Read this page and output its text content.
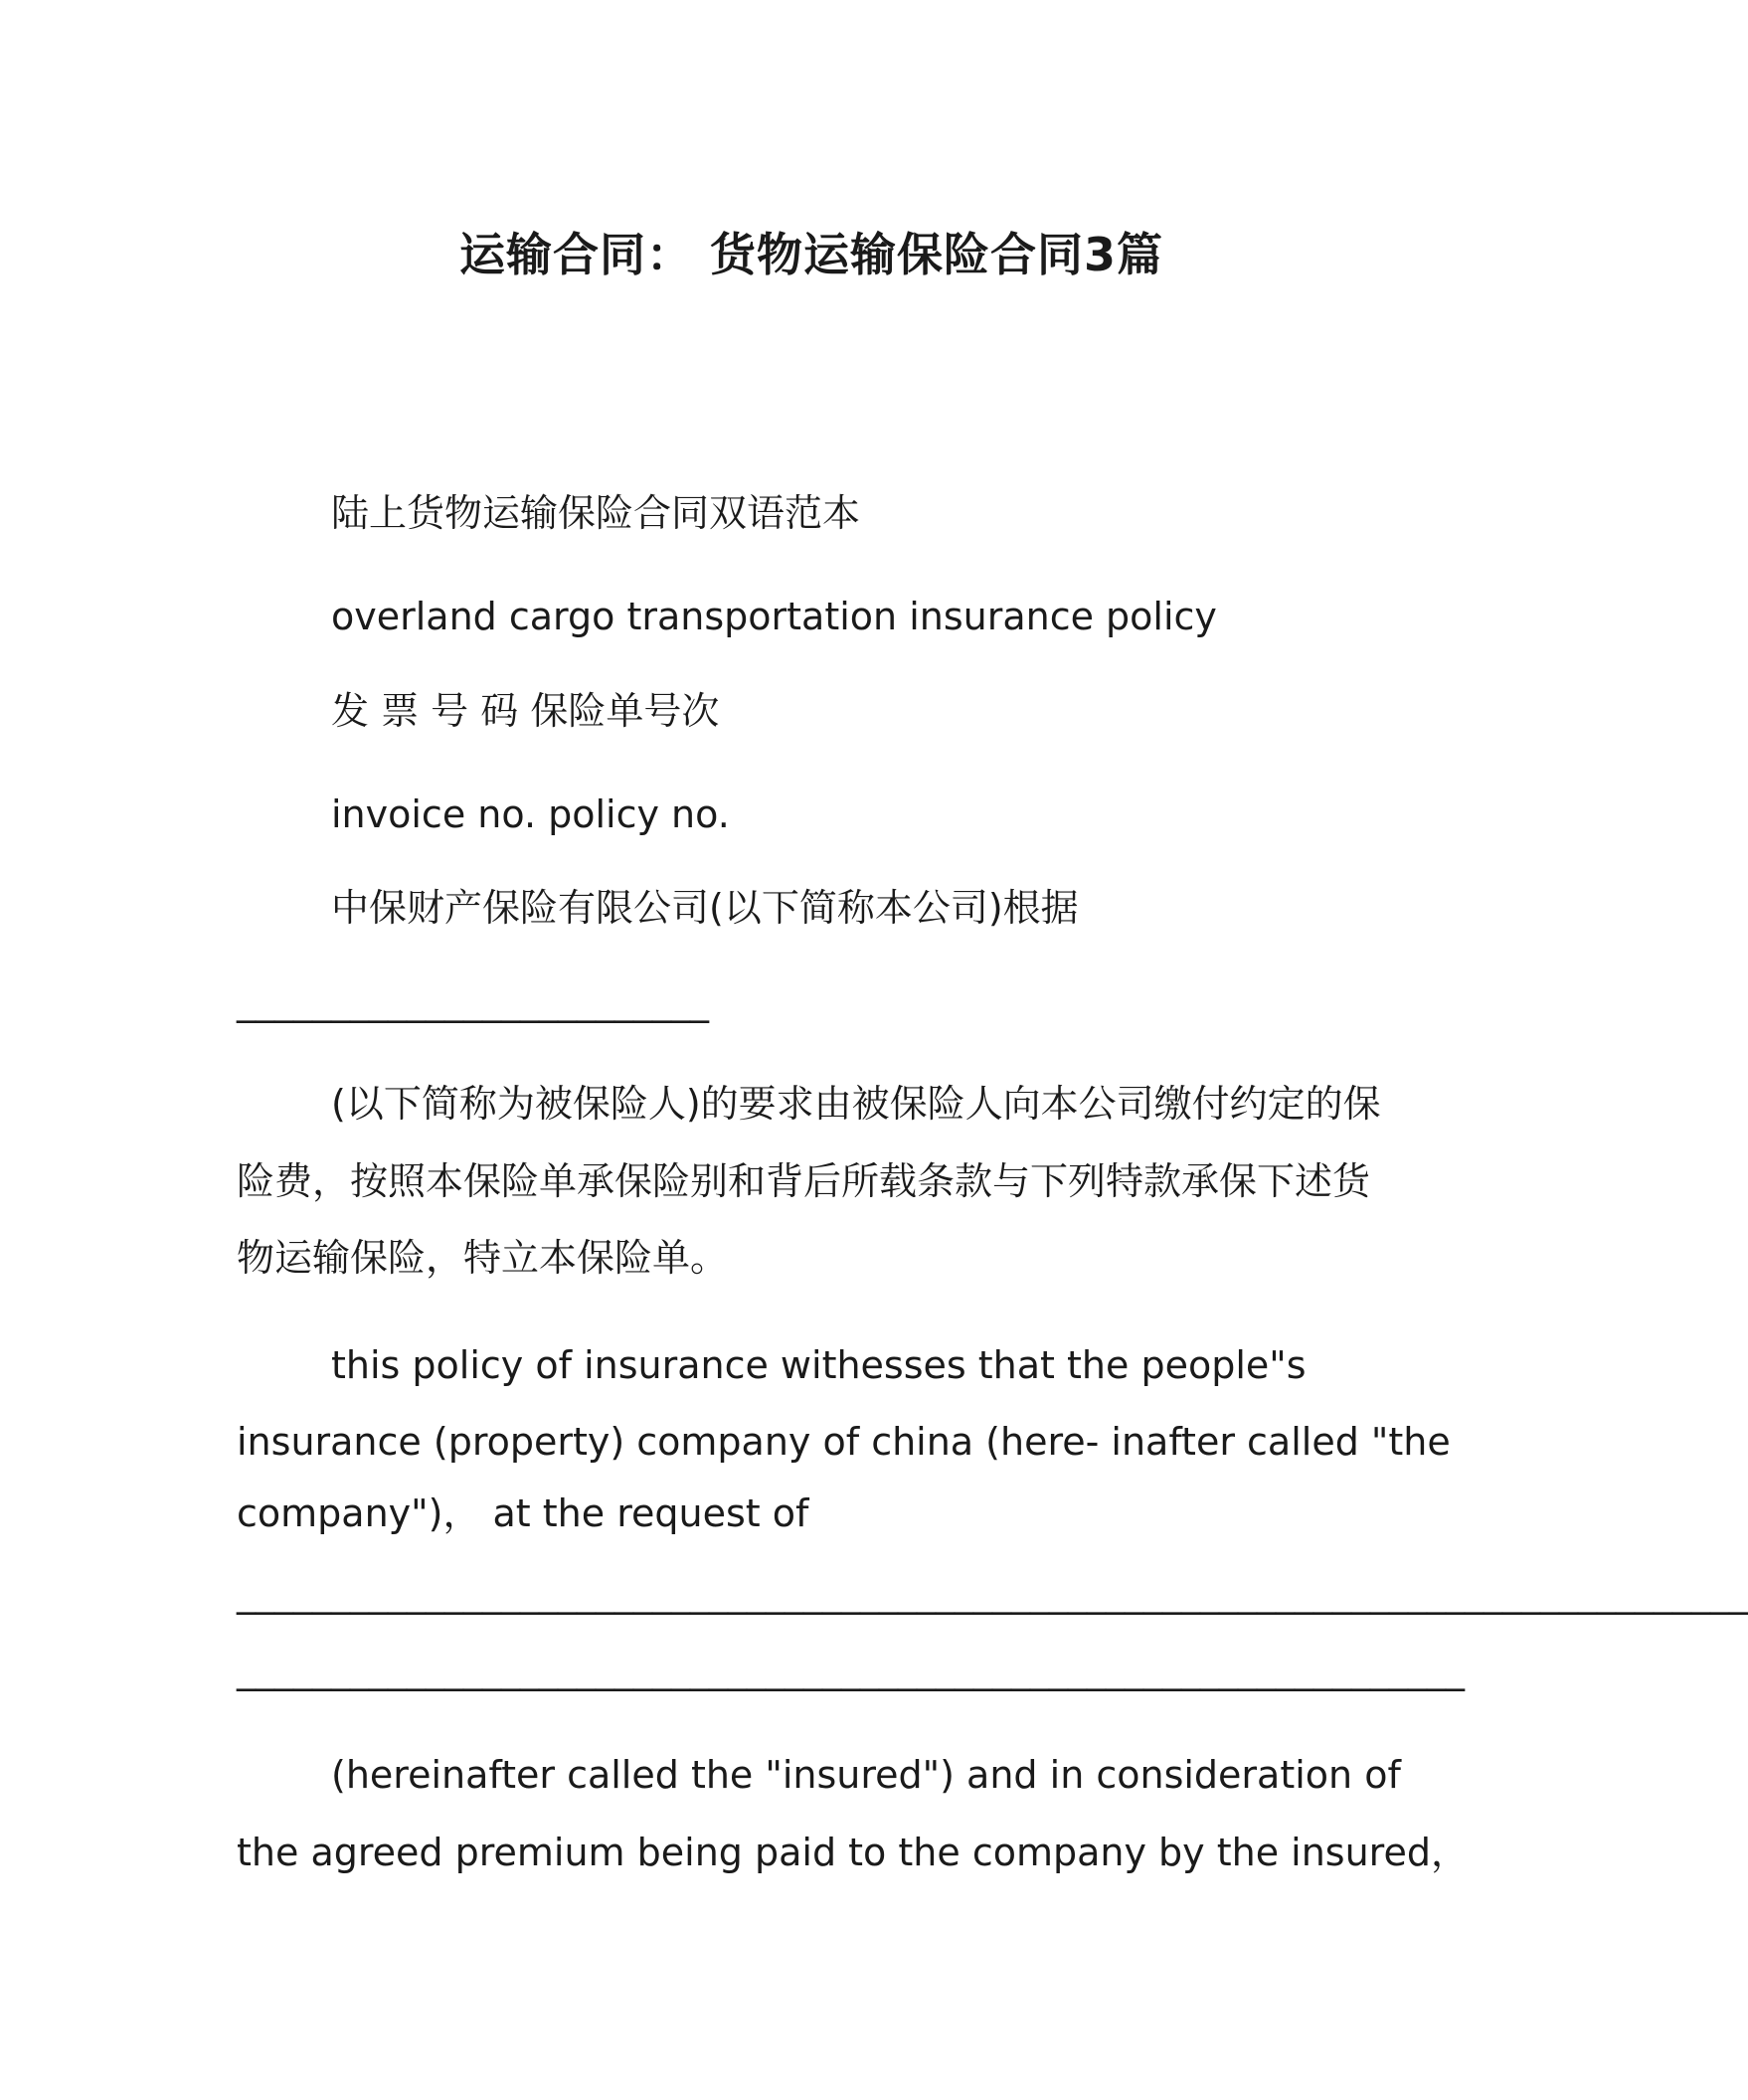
运输合同： 货物运输保险合同3篇
陆上货物运输保险合同双语范本
overland cargo transportation insurance policy
发 票 号 码 保险单号次
invoice no. policy no.
中保财产保险有限公司(以下简称本公司)根据
_________________________
(以下简称为被保险人)的要求由被保险人向本公司缴付约定的保
险费，按照本保险单承保险别和背后所载条款与下列特款承保下述货
物运输保险，特立本保险单。
this policy of insurance withesses that the people"s
insurance (property) company of china (here- inafter called "the
company")， at the request of
________________________________________________________________________________
_________________________________________________________________
(hereinafter called the "insured") and in consideration of
the agreed premium being paid to the company by the insured，
